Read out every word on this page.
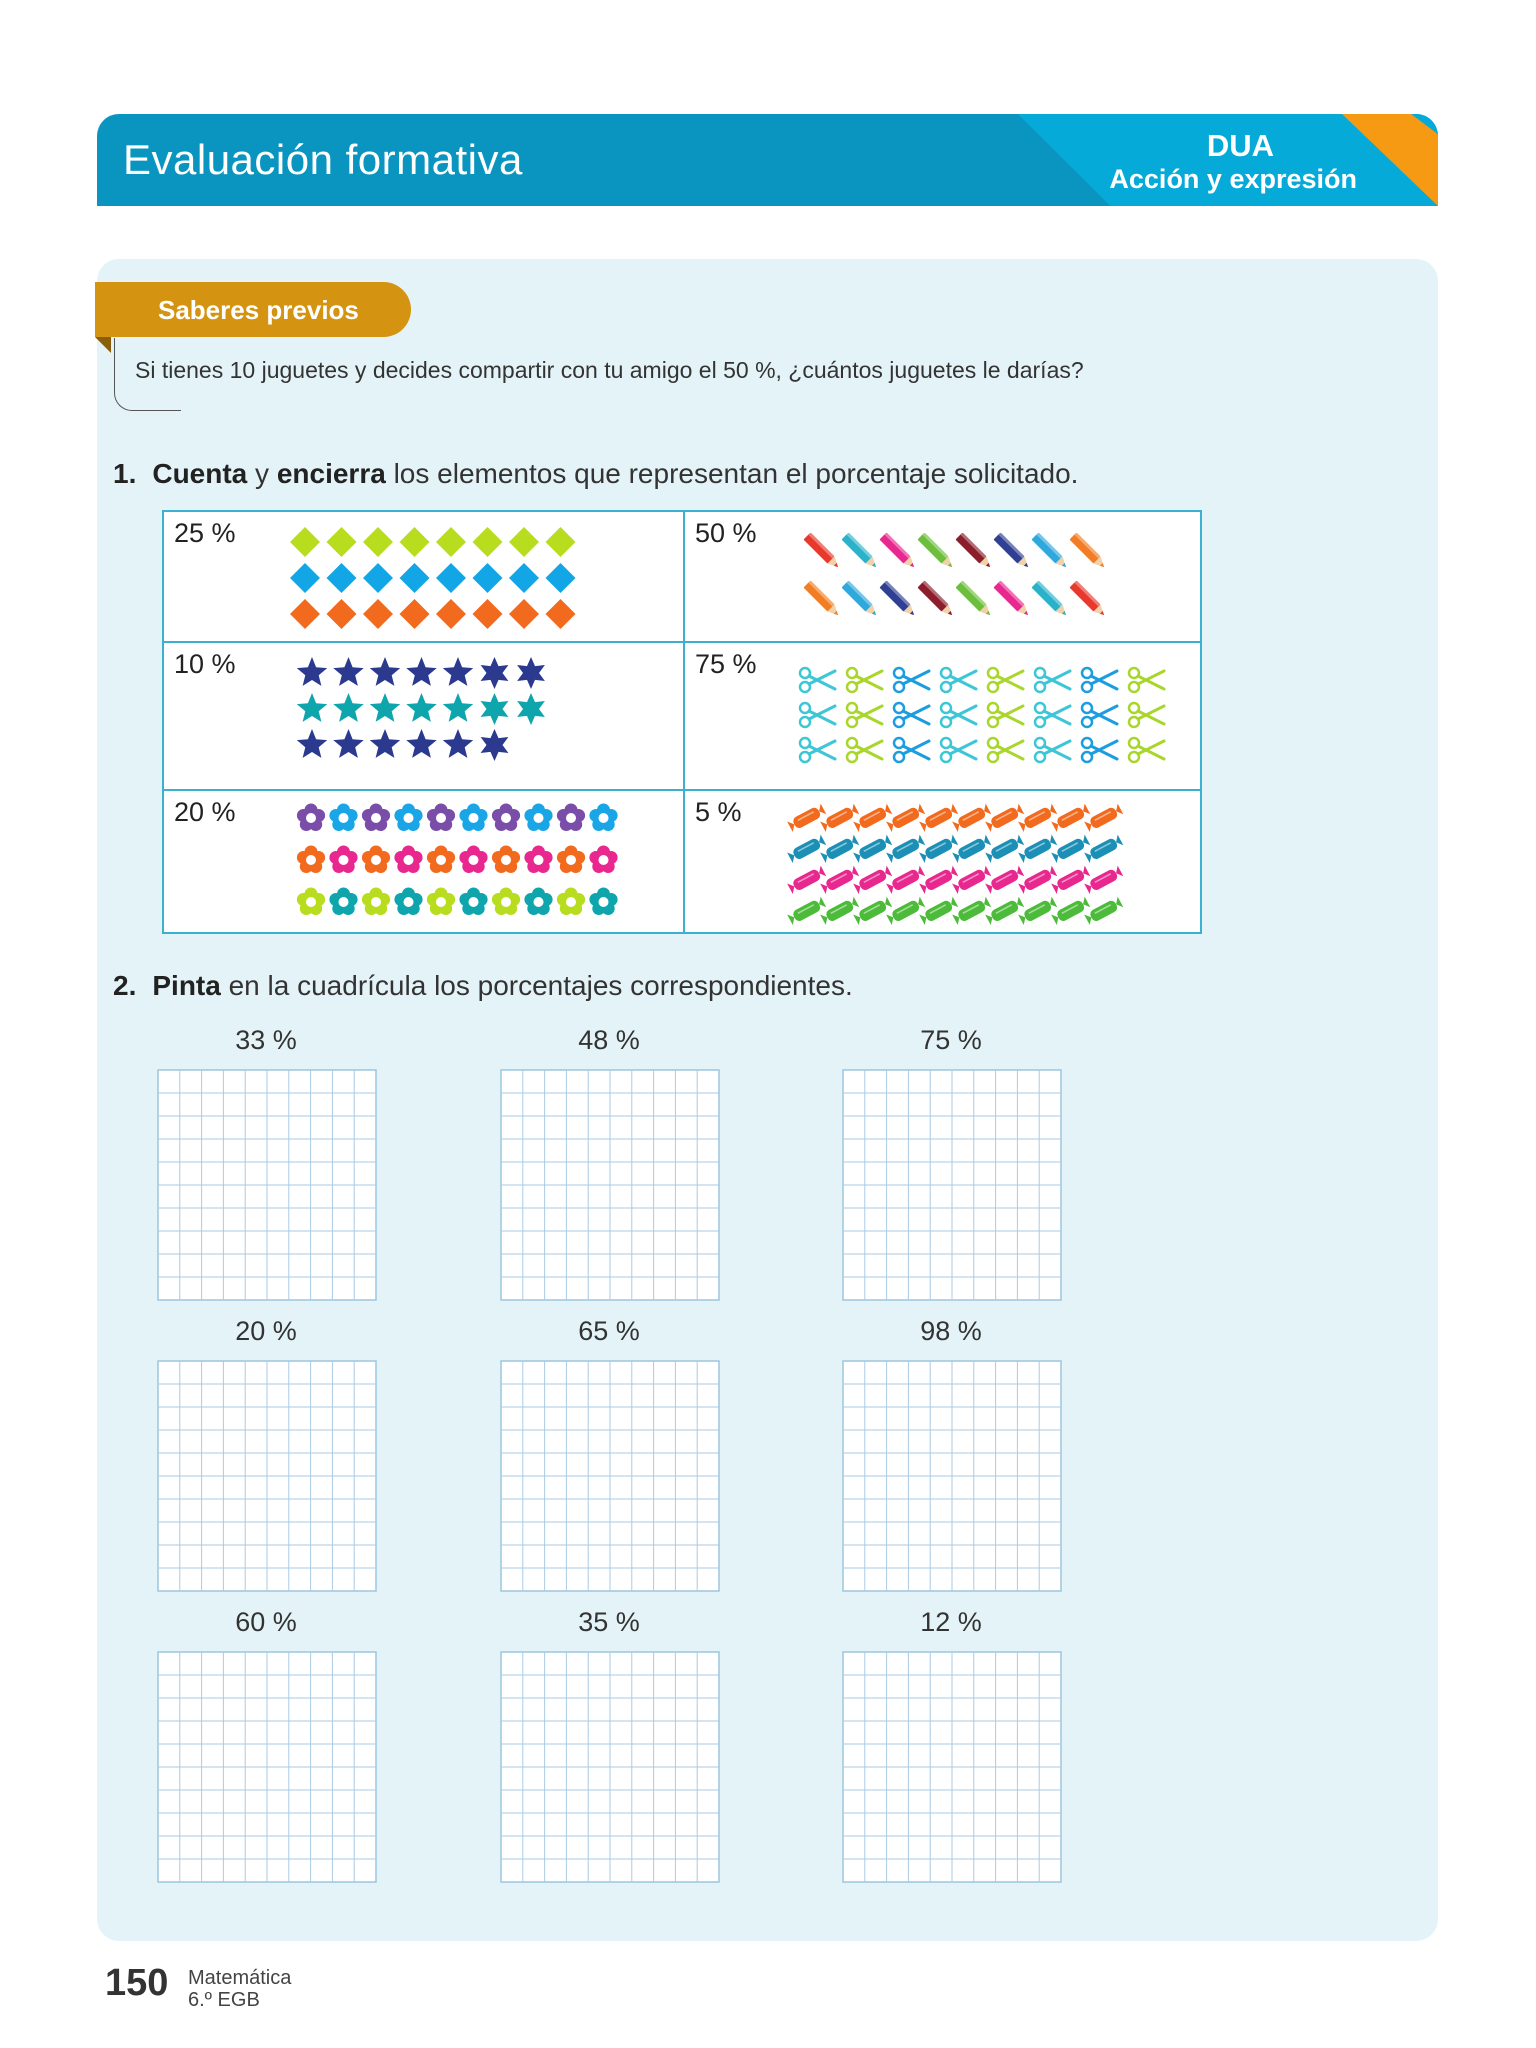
Evaluación formativa	DUA
Acción y expresión
Saberes previos
Si tienes 10 juguetes y decides compartir con tu amigo el 50 %, ¿cuántos juguetes le darías?
1. Cuenta y encierra los elementos que representan el porcentaje solicitado.
25 %	50 %
10 %	75 %
20 %	5 %
2. Pinta en la cuadrícula los porcentajes correspondientes.
33 %	48 %	75 %
20 %	65 %	98 %
60 %	35 %	12 %
150 Matemática
6.º EGB
